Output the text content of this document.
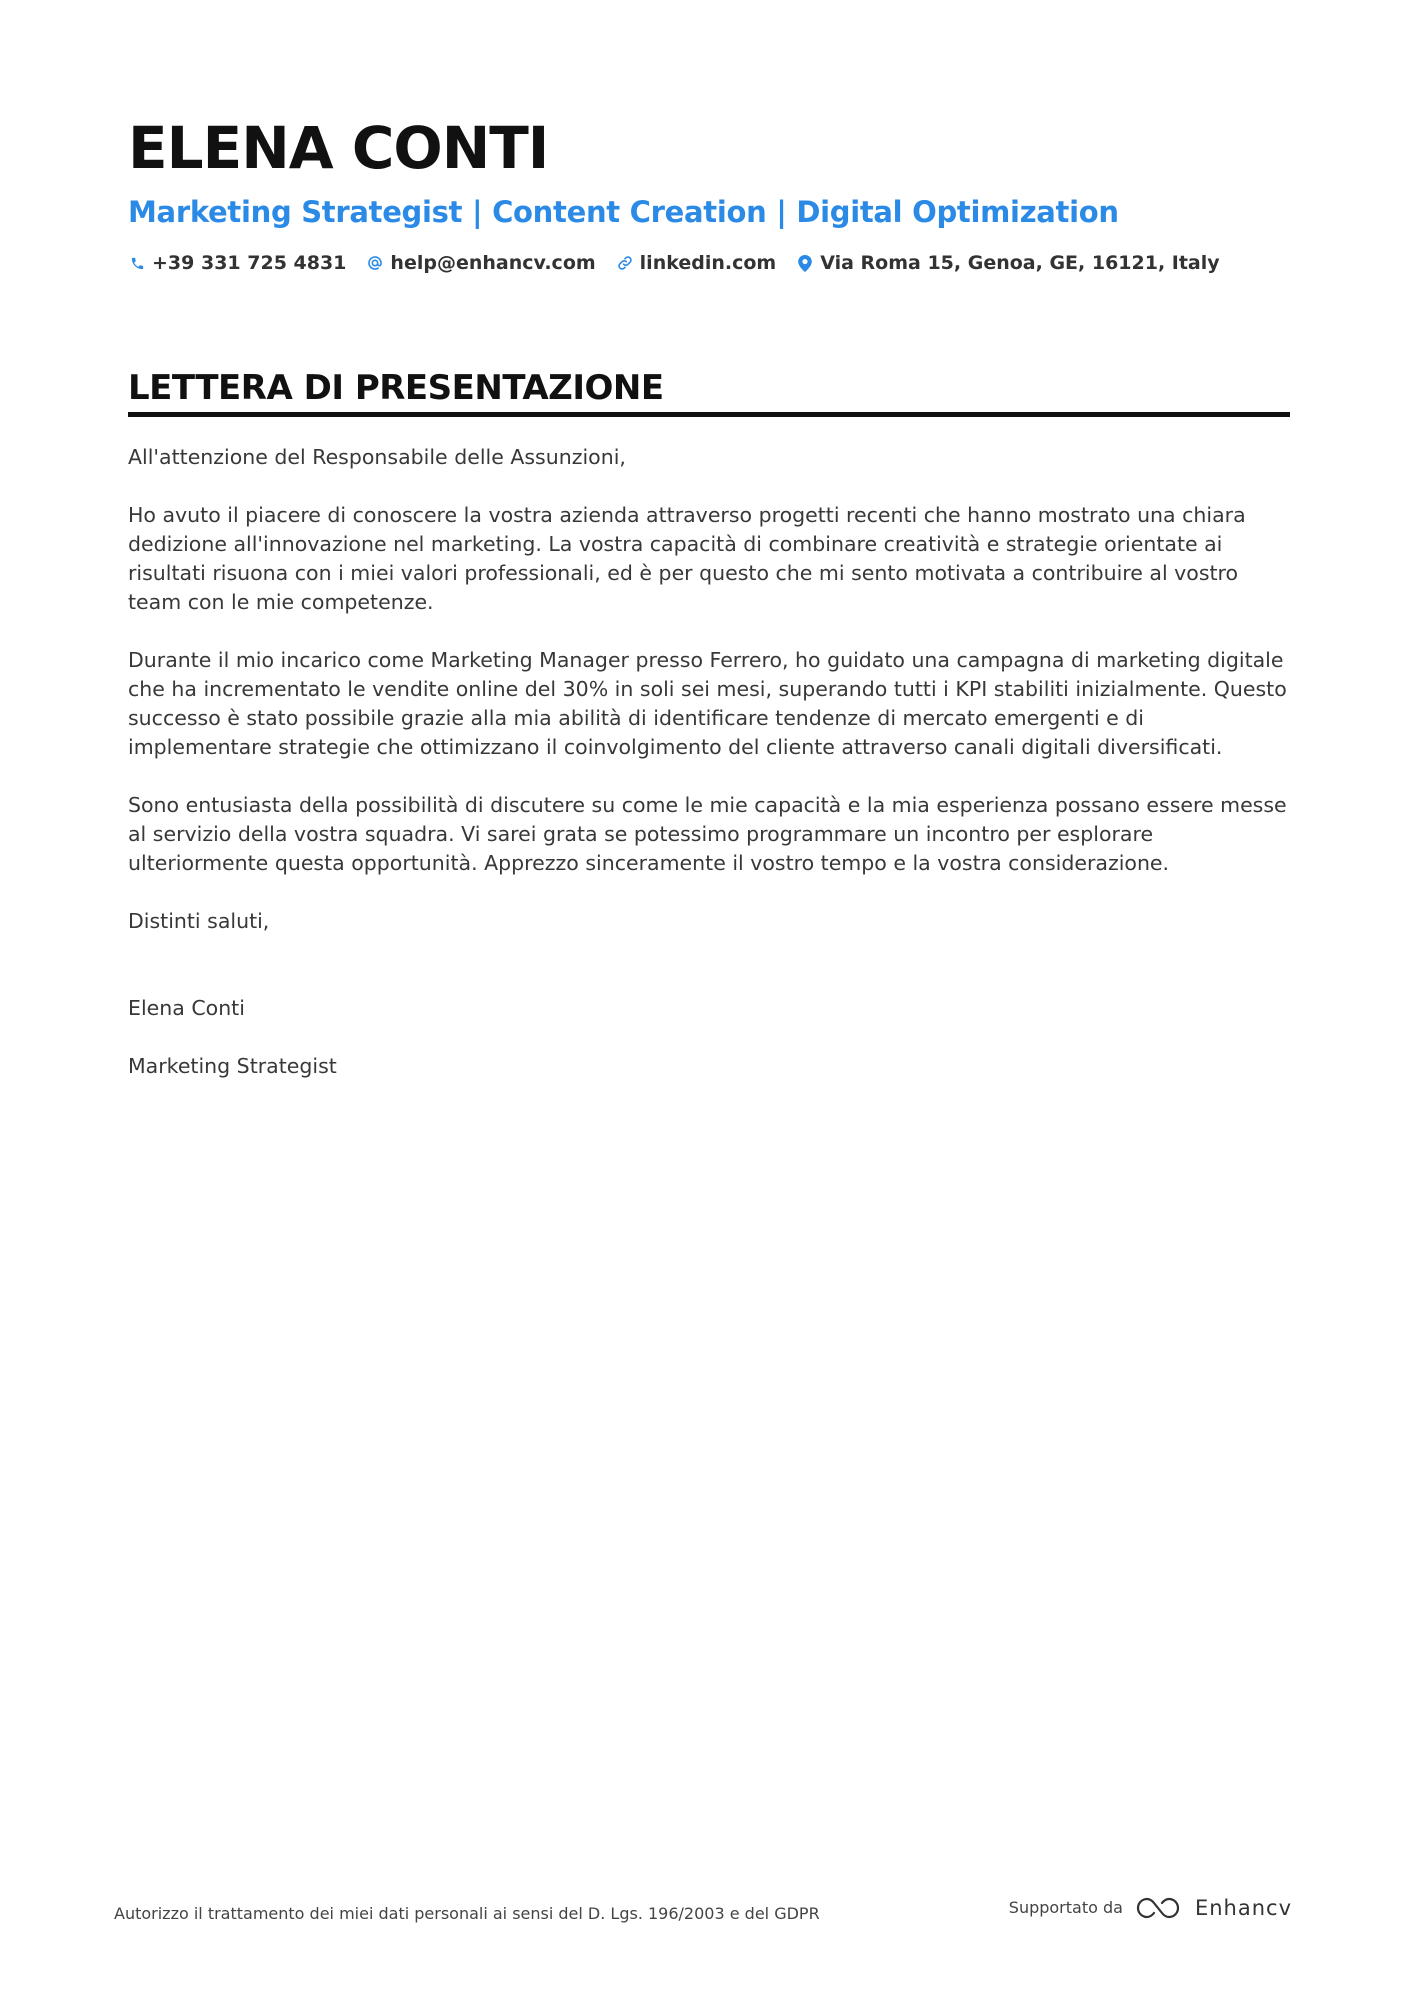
ELENA CONTI
Marketing Strategist | Content Creation | Digital Optimization
+39 331 725 4831 help@enhancv.com linkedin.com Via Roma 15, Genoa, GE, 16121, Italy
LETTERA DI PRESENTAZIONE

All'attenzione del Responsabile delle Assunzioni,

Ho avuto il piacere di conoscere la vostra azienda attraverso progetti recenti che hanno mostrato una chiara dedizione all'innovazione nel marketing. La vostra capacità di combinare creatività e strategie orientate ai risultati risuona con i miei valori professionali, ed è per questo che mi sento motivata a contribuire al vostro team con le mie competenze.

Durante il mio incarico come Marketing Manager presso Ferrero, ho guidato una campagna di marketing digitale che ha incrementato le vendite online del 30% in soli sei mesi, superando tutti i KPI stabiliti inizialmente. Questo successo è stato possibile grazie alla mia abilità di identificare tendenze di mercato emergenti e di implementare strategie che ottimizzano il coinvolgimento del cliente attraverso canali digitali diversificati.

Sono entusiasta della possibilità di discutere su come le mie capacità e la mia esperienza possano essere messe al servizio della vostra squadra. Vi sarei grata se potessimo programmare un incontro per esplorare ulteriormente questa opportunità. Apprezzo sinceramente il vostro tempo e la vostra considerazione.

Distinti saluti,

Elena Conti

Marketing Strategist

Autorizzo il trattamento dei miei dati personali ai sensi del D. Lgs. 196/2003 e del GDPR	Supportato da	Enhancv
